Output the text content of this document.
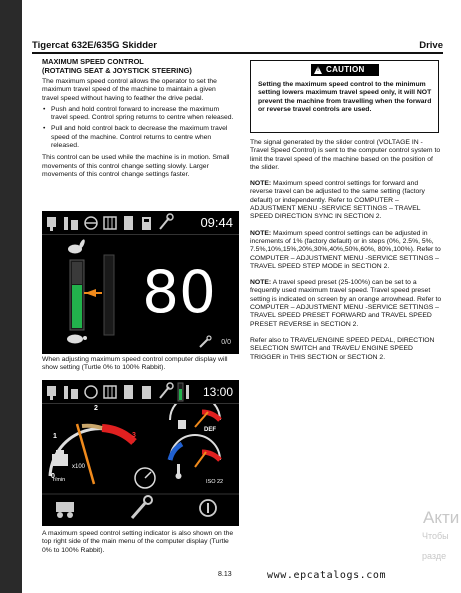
Tigercat 632E/635G Skidder	Drive
MAXIMUM SPEED CONTROL
(ROTATING SEAT & JOYSTICK STEERING)
The maximum speed control allows the operator to set the maximum travel speed of the machine to maintain a given travel speed without having to feather the drive pedal.
• Push and hold control forward to increase the maximum travel speed. Control spring returns to centre when released.
• Pull and hold control back to decrease the maximum travel speed of the machine. Control returns to centre when released.
This control can be used while the machine is in motion. Small movements of this control change setting slowly. Larger movements of this control change settings faster.
09:44
80
0/0
When adjusting maximum speed control computer display will show setting (Turtle 0% to 100% Rabbit).
13:00
2
1	3
0
x100
r/min
DEF
ISO 22
A maximum speed control setting indicator is also shown on the top right side of the main menu of the computer display (Turtle 0% to 100% Rabbit).
! CAUTION
Setting the maximum speed control to the minimum setting lowers maximum travel speed only, it will NOT prevent the machine from travelling when the forward or reverse travel controls are used.
The signal generated by the slider control (VOLTAGE IN - Travel Speed Control) is sent to the computer control system to limit the travel speed of the machine based on the position of the slider.
NOTE: Maximum speed control settings for forward and reverse travel can be adjusted to the same setting (factory default) or independently. Refer to COMPUTER – ADJUSTMENT MENU -SERVICE SETTINGS – TRAVEL SPEED DIRECTION SYNC IN SECTION 2.
NOTE: Maximum speed control settings can be adjusted in increments of 1% (factory default) or in steps (0%, 2.5%, 5%, 7.5%,10%,15%,20%,30%,40%,50%,60%, 80%,100%). Refer to COMPUTER – ADJUSTMENT MENU -SERVICE SETTINGS – TRAVEL SPEED STEP MODE in SECTION 2.
NOTE: A travel speed preset (25-100%) can be set to a frequently used maximum travel speed. Travel speed preset setting is indicated on screen by an orange arrowhead. Refer to COMPUTER – ADJUSTMENT MENU -SERVICE SETTINGS – TRAVEL SPEED PRESET FORWARD and TRAVEL SPEED PRESET REVERSE in SECTION 2.
Refer also to TRAVEL/ENGINE SPEED PEDAL, DIRECTION SELECTION SWITCH and TRAVEL/ ENGINE SPEED TRIGGER in THIS SECTION or SECTION 2.
8.13	www.epcatalogs.com
Акти
Чтобы
разде
